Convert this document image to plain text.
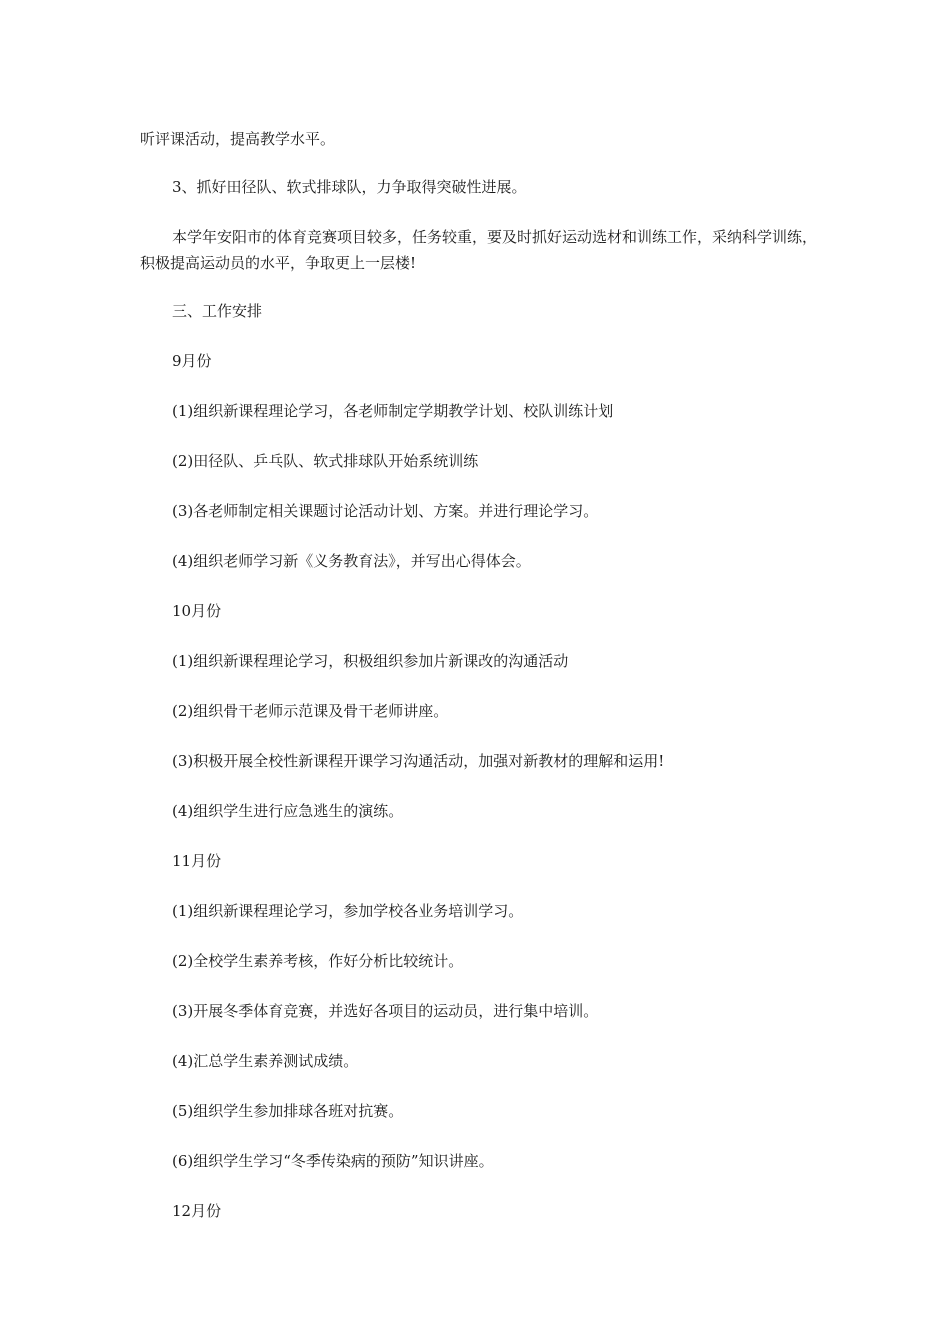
听评课活动，提高教学水平。

3、抓好田径队、软式排球队，力争取得突破性进展。

本学年安阳市的体育竞赛项目较多，任务较重，要及时抓好运动选材和训练工作，采纳科学训练，积极提高运动员的水平，争取更上一层楼!

三、工作安排

9月份

(1)组织新课程理论学习，各老师制定学期教学计划、校队训练计划

(2)田径队、乒乓队、软式排球队开始系统训练

(3)各老师制定相关课题讨论活动计划、方案。并进行理论学习。

(4)组织老师学习新《义务教育法》，并写出心得体会。

10月份

(1)组织新课程理论学习，积极组织参加片新课改的沟通活动

(2)组织骨干老师示范课及骨干老师讲座。

(3)积极开展全校性新课程开课学习沟通活动，加强对新教材的理解和运用!

(4)组织学生进行应急逃生的演练。

11月份

(1)组织新课程理论学习，参加学校各业务培训学习。

(2)全校学生素养考核，作好分析比较统计。

(3)开展冬季体育竞赛，并选好各项目的运动员，进行集中培训。

(4)汇总学生素养测试成绩。

(5)组织学生参加排球各班对抗赛。

(6)组织学生学习“冬季传染病的预防”知识讲座。

12月份
